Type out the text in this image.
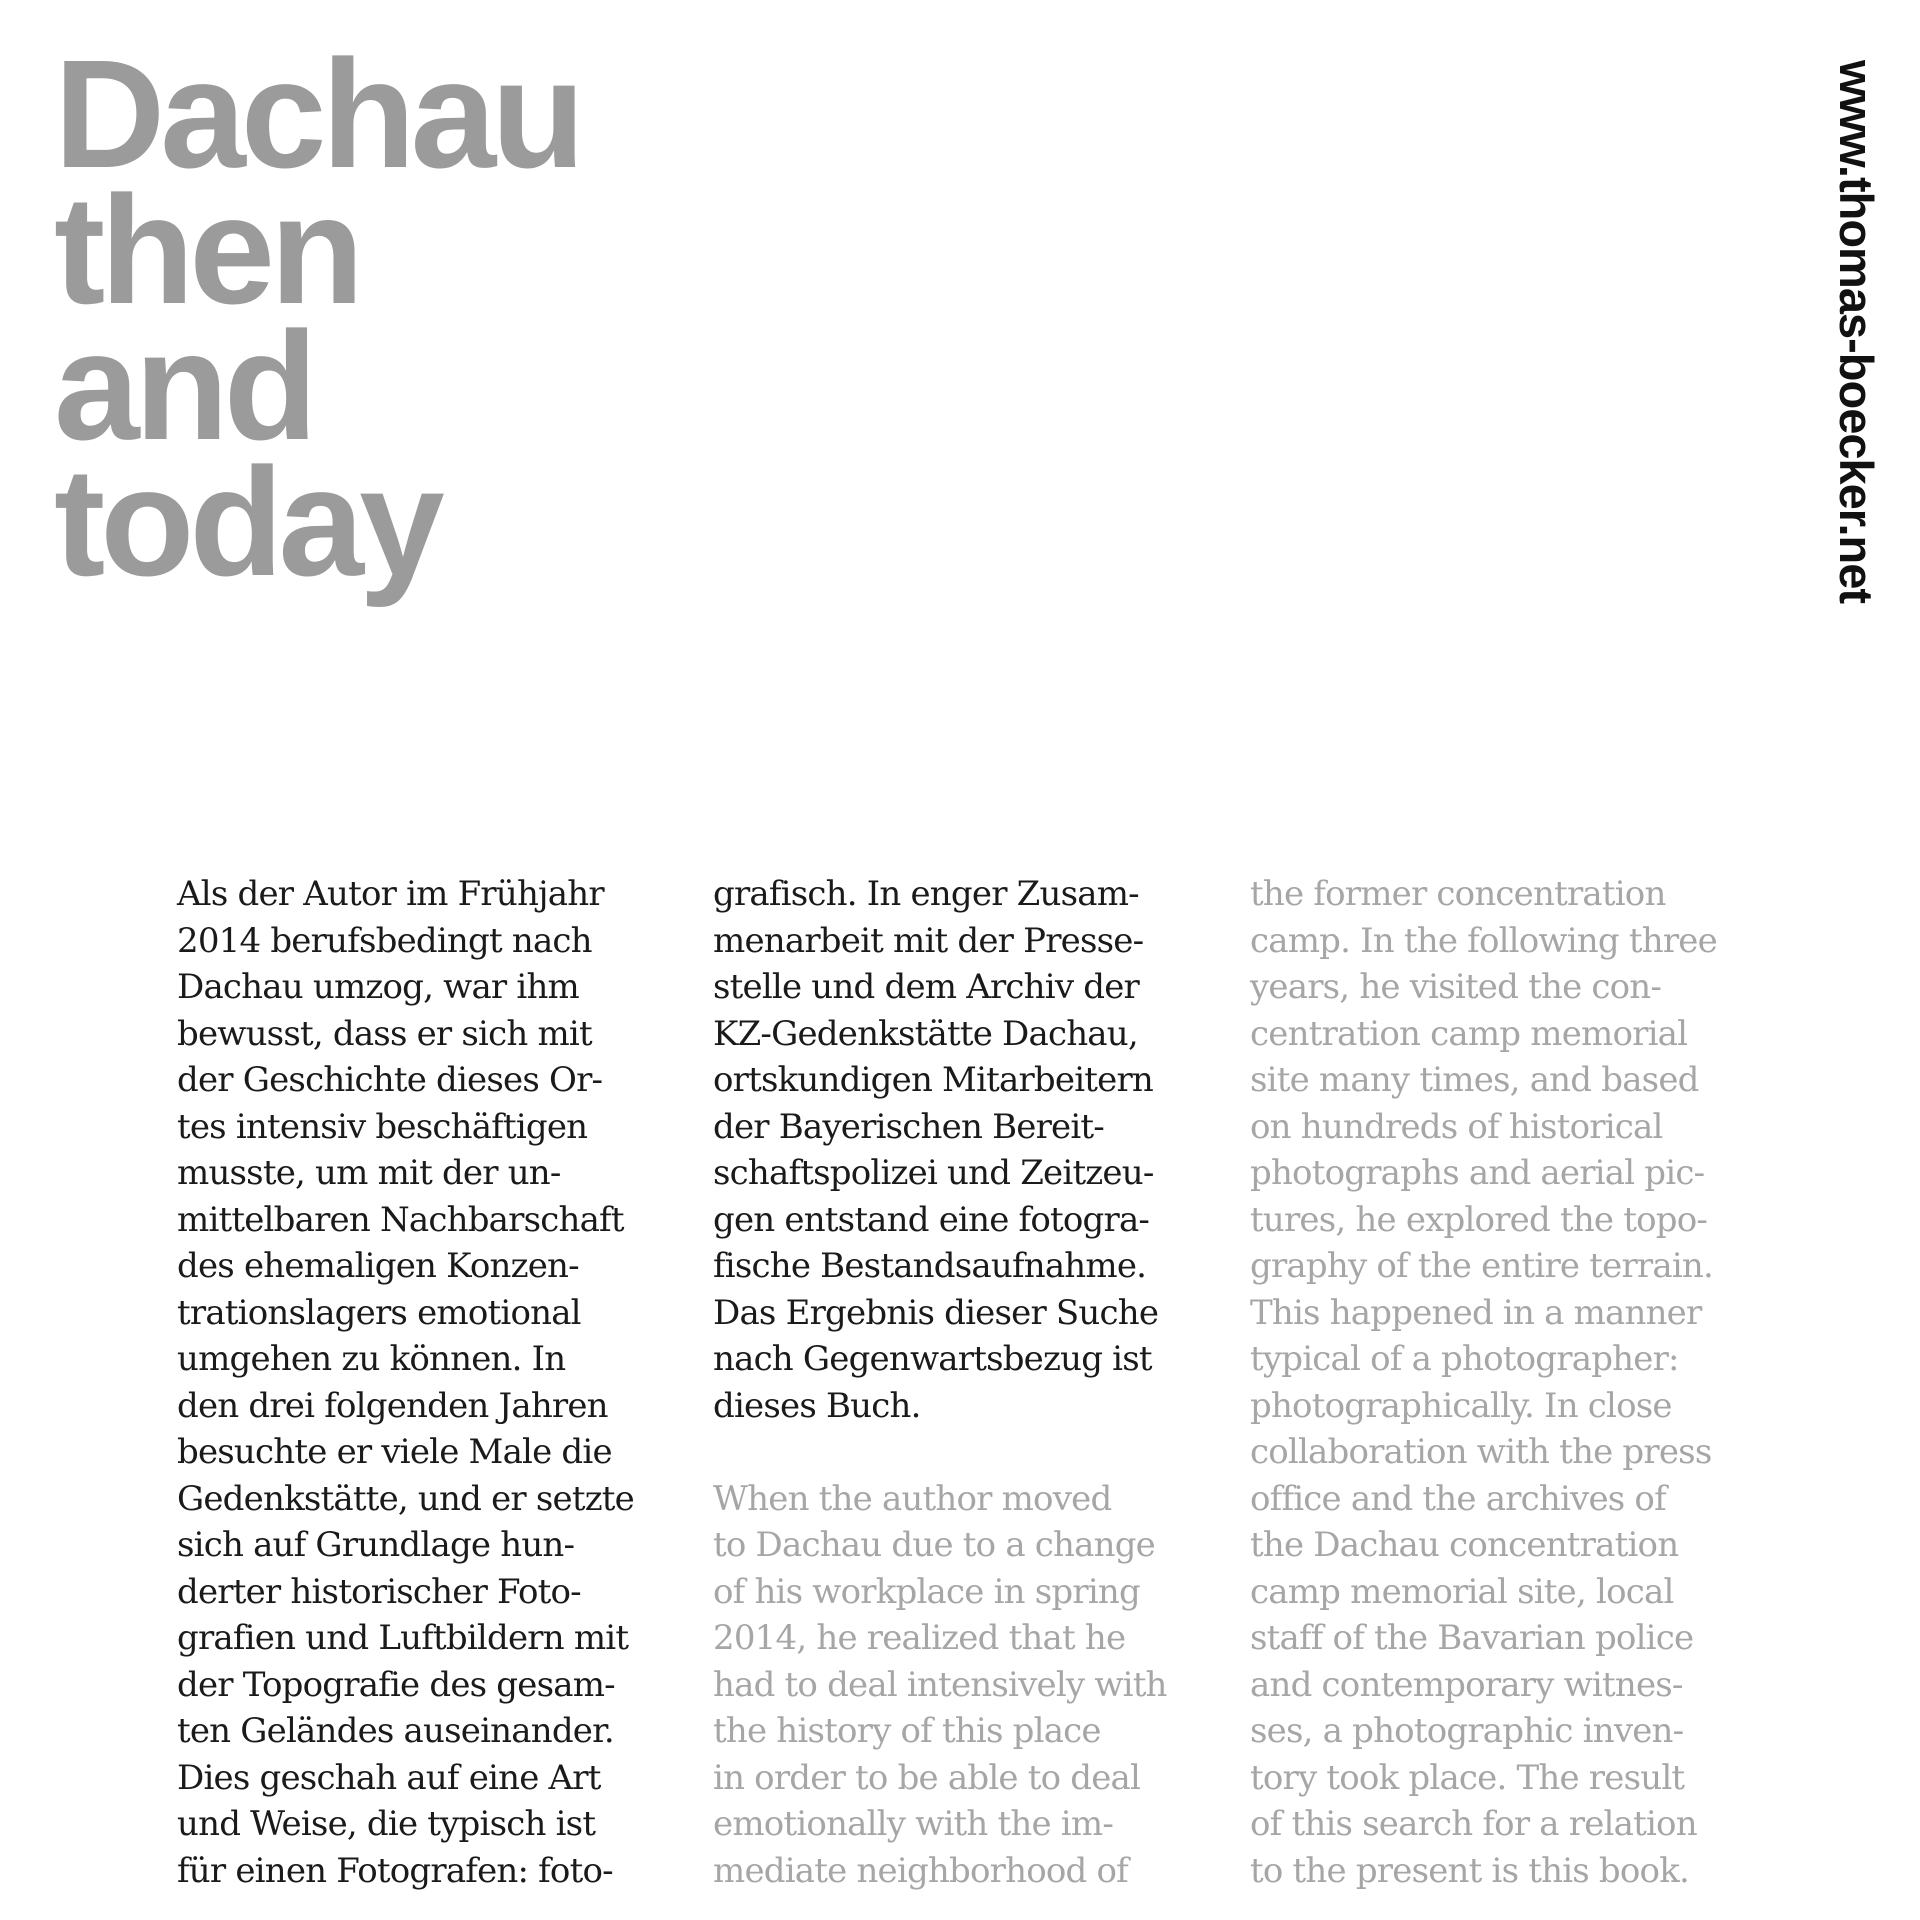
Dachau
then
and
today	www.thomas-boecker.net
Als der Autor im Frühjahr
2014 berufsbedingt nach
Dachau umzog, war ihm
bewusst, dass er sich mit
der Geschichte dieses Or-
tes intensiv beschäftigen
musste, um mit der un-
mittelbaren Nachbarschaft
des ehemaligen Konzen-
trationslagers emotional
umgehen zu können. In
den drei folgenden Jahren
besuchte er viele Male die
Gedenkstätte, und er setzte
sich auf Grundlage hun-
derter historischer Foto-
grafien und Luftbildern mit
der Topografie des gesam-
ten Geländes auseinander.
Dies geschah auf eine Art
und Weise, die typisch ist
für einen Fotografen: foto-
grafisch. In enger Zusam-
menarbeit mit der Presse-
stelle und dem Archiv der
KZ-Gedenkstätte Dachau,
ortskundigen Mitarbeitern
der Bayerischen Bereit-
schaftspolizei und Zeitzeu-
gen entstand eine fotogra-
fische Bestandsaufnahme.
Das Ergebnis dieser Suche
nach Gegenwartsbezug ist
dieses Buch.
When the author moved
to Dachau due to a change
of his workplace in spring
2014, he realized that he
had to deal intensively with
the history of this place
in order to be able to deal
emotionally with the im-
mediate neighborhood of
the former concentration
camp. In the following three
years, he visited the con-
centration camp memorial
site many times, and based
on hundreds of historical
photographs and aerial pic-
tures, he explored the topo-
graphy of the entire terrain.
This happened in a manner
typical of a photographer:
photographically. In close
collaboration with the press
office and the archives of
the Dachau concentration
camp memorial site, local
staff of the Bavarian police
and contemporary witnes-
ses, a photographic inven-
tory took place. The result
of this search for a relation
to the present is this book.
